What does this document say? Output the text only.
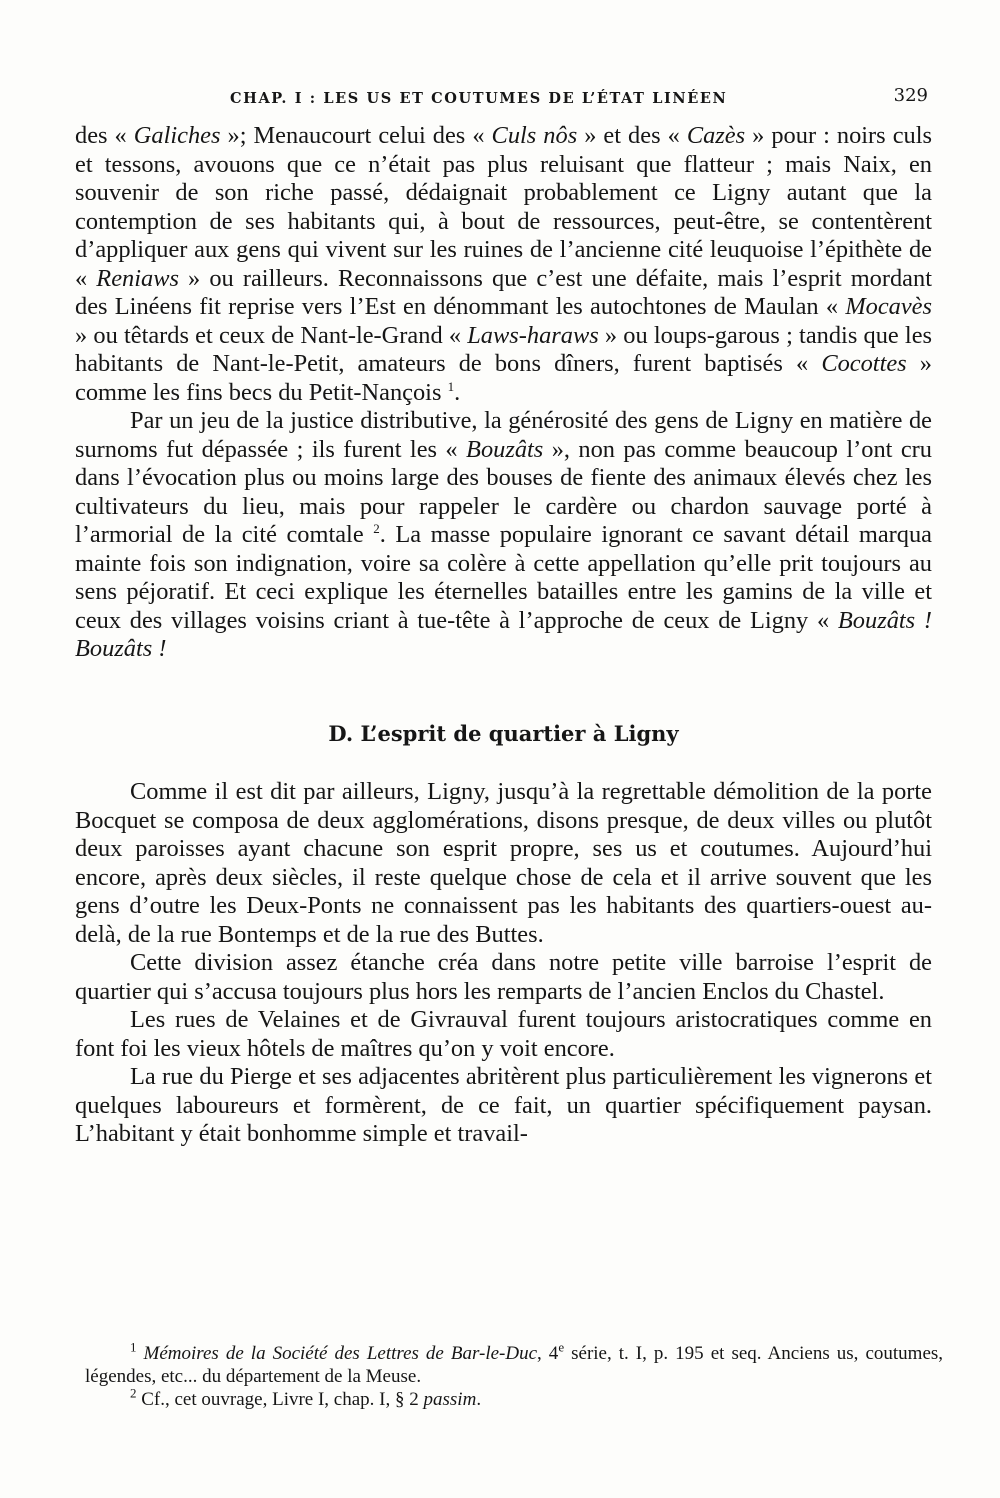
CHAP. I : LES US ET COUTUMES DE L’ÉTAT LINÉEN	329

des « Galiches »; Menaucourt celui des « Culs nôs » et des « Cazès » pour : noirs culs et tessons, avouons que ce n’était pas plus reluisant que flatteur ; mais Naix, en souvenir de son riche passé, dédaignait probablement ce Ligny autant que la contemption de ses habitants qui, à bout de ressources, peut-être, se contentèrent d’appliquer aux gens qui vivent sur les ruines de l’ancienne cité leuquoise l’épithète de « Reniaws » ou railleurs. Reconnaissons que c’est une défaite, mais l’esprit mordant des Linéens fit reprise vers l’Est en dénommant les autochtones de Maulan « Mocavès » ou têtards et ceux de Nant-le-Grand « Laws-haraws » ou loups-garous ; tandis que les habitants de Nant-le-Petit, amateurs de bons dîners, furent baptisés « Cocottes » comme les fins becs du Petit-Nançois $^1$.

Par un jeu de la justice distributive, la générosité des gens de Ligny en matière de surnoms fut dépassée ; ils furent les « Bouzâts », non pas comme beaucoup l’ont cru dans l’évocation plus ou moins large des bouses de fiente des animaux élevés chez les cultivateurs du lieu, mais pour rappeler le cardère ou chardon sauvage porté à l’armorial de la cité comtale $^2$. La masse populaire ignorant ce savant détail marqua mainte fois son indignation, voire sa colère à cette appellation qu’elle prit toujours au sens péjoratif. Et ceci explique les éternelles batailles entre les gamins de la ville et ceux des villages voisins criant à tue-tête à l’approche de ceux de Ligny « Bouzâts ! Bouzâts !

D. L’esprit de quartier à Ligny

Comme il est dit par ailleurs, Ligny, jusqu’à la regrettable démolition de la porte Bocquet se composa de deux agglomérations, disons presque, de deux villes ou plutôt deux paroisses ayant chacune son esprit propre, ses us et coutumes. Aujourd’hui encore, après deux siècles, il reste quelque chose de cela et il arrive souvent que les gens d’outre les Deux-Ponts ne connaissent pas les habitants des quartiers-ouest au-delà, de la rue Bontemps et de la rue des Buttes.

Cette division assez étanche créa dans notre petite ville barroise l’esprit de quartier qui s’accusa toujours plus hors les remparts de l’ancien Enclos du Chastel.

Les rues de Velaines et de Givrauval furent toujours aristocratiques comme en font foi les vieux hôtels de maîtres qu’on y voit encore.

La rue du Pierge et ses adjacentes abritèrent plus particulièrement les vignerons et quelques laboureurs et formèrent, de ce fait, un quartier spécifiquement paysan. L’habitant y était bonhomme simple et travail-

$^1$ Mémoires de la Société des Lettres de Bar-le-Duc, 4e série, t. I, p. 195 et seq. Anciens us, coutumes, légendes, etc... du département de la Meuse.

$^2$ Cf., cet ouvrage, Livre I, chap. I, § 2 passim.
